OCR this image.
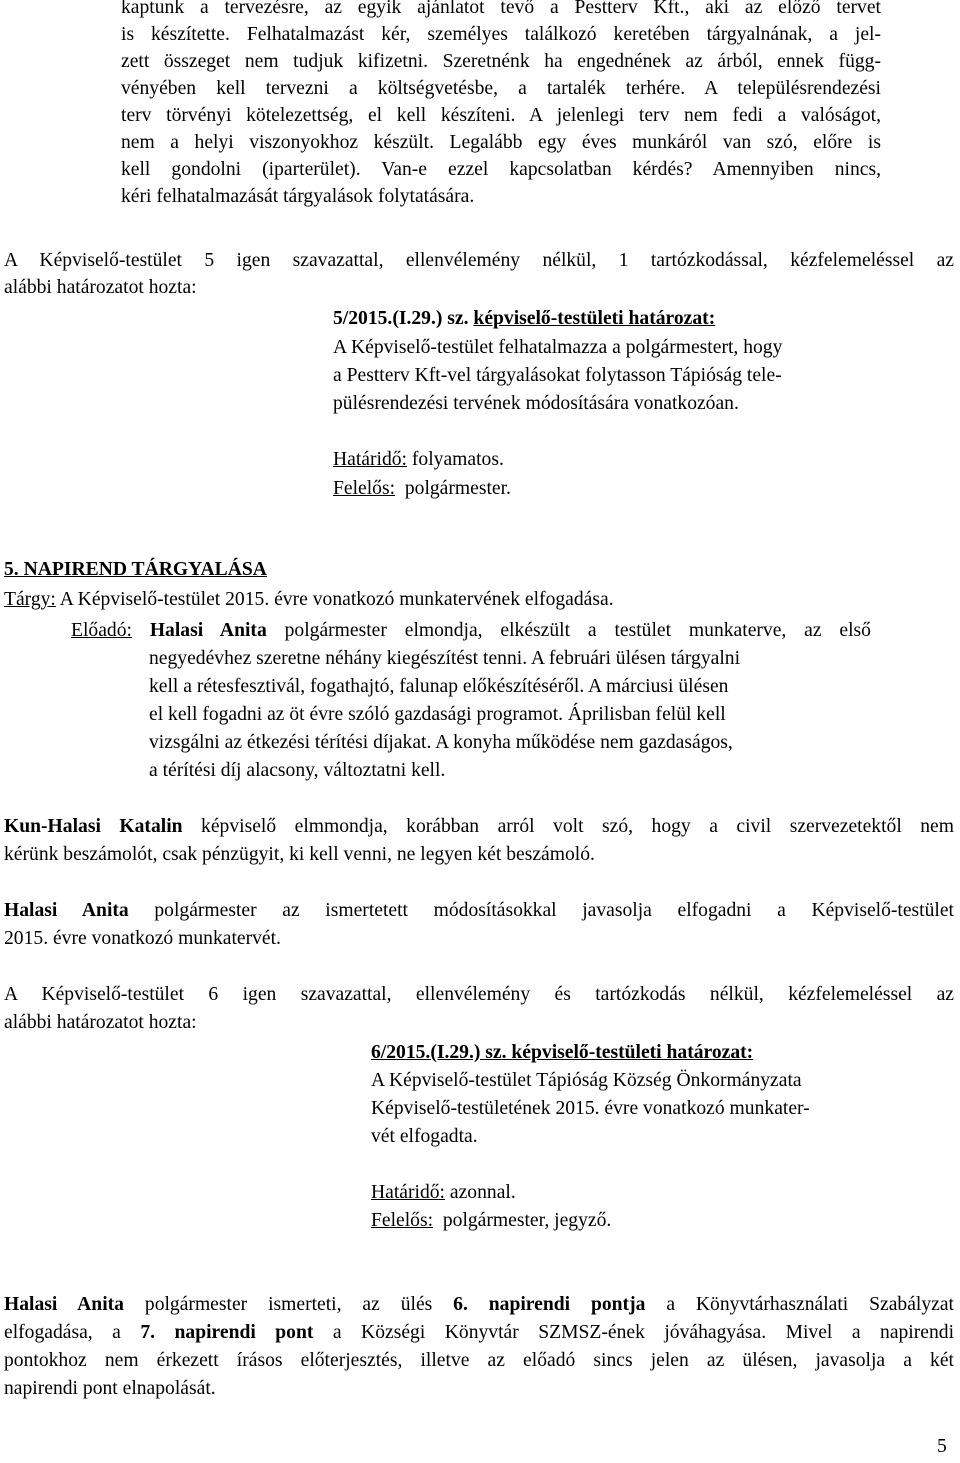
kaptunk a tervezésre, az egyik ajánlatot tevő a Pestterv Kft., aki az előző tervet
is készítette. Felhatalmazást kér, személyes találkozó keretében tárgyalnának, a jel-
zett összeget nem tudjuk kifizetni. Szeretnénk ha engednének az árból, ennek függ-
vényében kell tervezni a költségvetésbe, a tartalék terhére. A településrendezési
terv törvényi kötelezettség, el kell készíteni. A jelenlegi terv nem fedi a valóságot,
nem a helyi viszonyokhoz készült. Legalább egy éves munkáról van szó, előre is
kell gondolni (iparterület). Van-e ezzel kapcsolatban kérdés? Amennyiben nincs,
kéri felhatalmazását tárgyalások folytatására.
A Képviselő-testület 5 igen szavazattal, ellenvélemény nélkül, 1 tartózkodással, kézfelemeléssel az
alábbi határozatot hozta:
5/2015.(I.29.) sz. képviselő-testületi határozat:
A Képviselő-testület felhatalmazza a polgármestert, hogy
a Pestterv Kft-vel tárgyalásokat folytasson Tápióság tele-
pülésrendezési tervének módosítására vonatkozóan.
Határidő: folyamatos.
Felelős: polgármester.
5. NAPIREND TÁRGYALÁSA
Tárgy: A Képviselő-testület 2015. évre vonatkozó munkatervének elfogadása.
Előadó: Halasi Anita polgármester elmondja, elkészült a testület munkaterve, az első
negyedévhez szeretne néhány kiegészítést tenni. A februári ülésen tárgyalni
kell a rétesfesztivál, fogathajtó, falunap előkészítéséről. A márciusi ülésen
el kell fogadni az öt évre szóló gazdasági programot. Áprilisban felül kell
vizsgálni az étkezési térítési díjakat. A konyha működése nem gazdaságos,
a térítési díj alacsony, változtatni kell.
Kun-Halasi Katalin képviselő elmmondja, korábban arról volt szó, hogy a civil szervezetektől nem
kérünk beszámolót, csak pénzügyit, ki kell venni, ne legyen két beszámoló.
Halasi Anita polgármester az ismertetett módosításokkal javasolja elfogadni a Képviselő-testület
2015. évre vonatkozó munkatervét.
A Képviselő-testület 6 igen szavazattal, ellenvélemény és tartózkodás nélkül, kézfelemeléssel az
alábbi határozatot hozta:
6/2015.(I.29.) sz. képviselő-testületi határozat:
A Képviselő-testület Tápióság Község Önkormányzata
Képviselő-testületének 2015. évre vonatkozó munkater-
vét elfogadta.
Határidő: azonnal.
Felelős: polgármester, jegyző.
Halasi Anita polgármester ismerteti, az ülés 6. napirendi pontja a Könyvtárhasználati Szabályzat
elfogadása, a 7. napirendi pont a Községi Könyvtár SZMSZ-ének jóváhagyása. Mivel a napirendi
pontokhoz nem érkezett írásos előterjesztés, illetve az előadó sincs jelen az ülésen, javasolja a két
napirendi pont elnapolását.
5
